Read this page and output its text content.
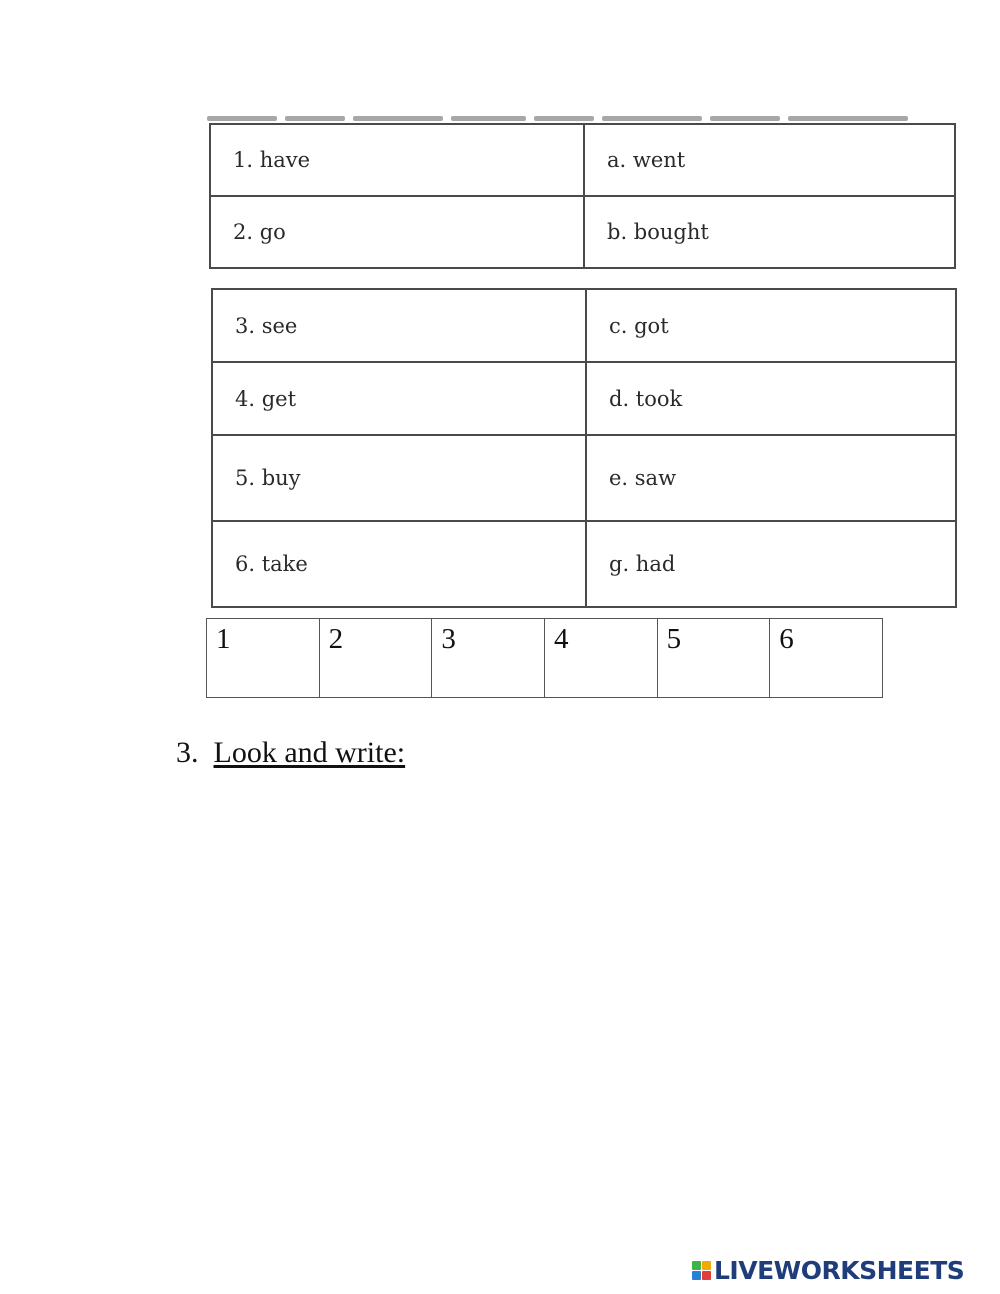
1. have	a. went
2. go	b. bought
3. see	c. got
4. get	d. took
5. buy	e. saw
6. take	g. had
1	2	3	4	5	6
3. Look and write:
LIVEWORKSHEETS
